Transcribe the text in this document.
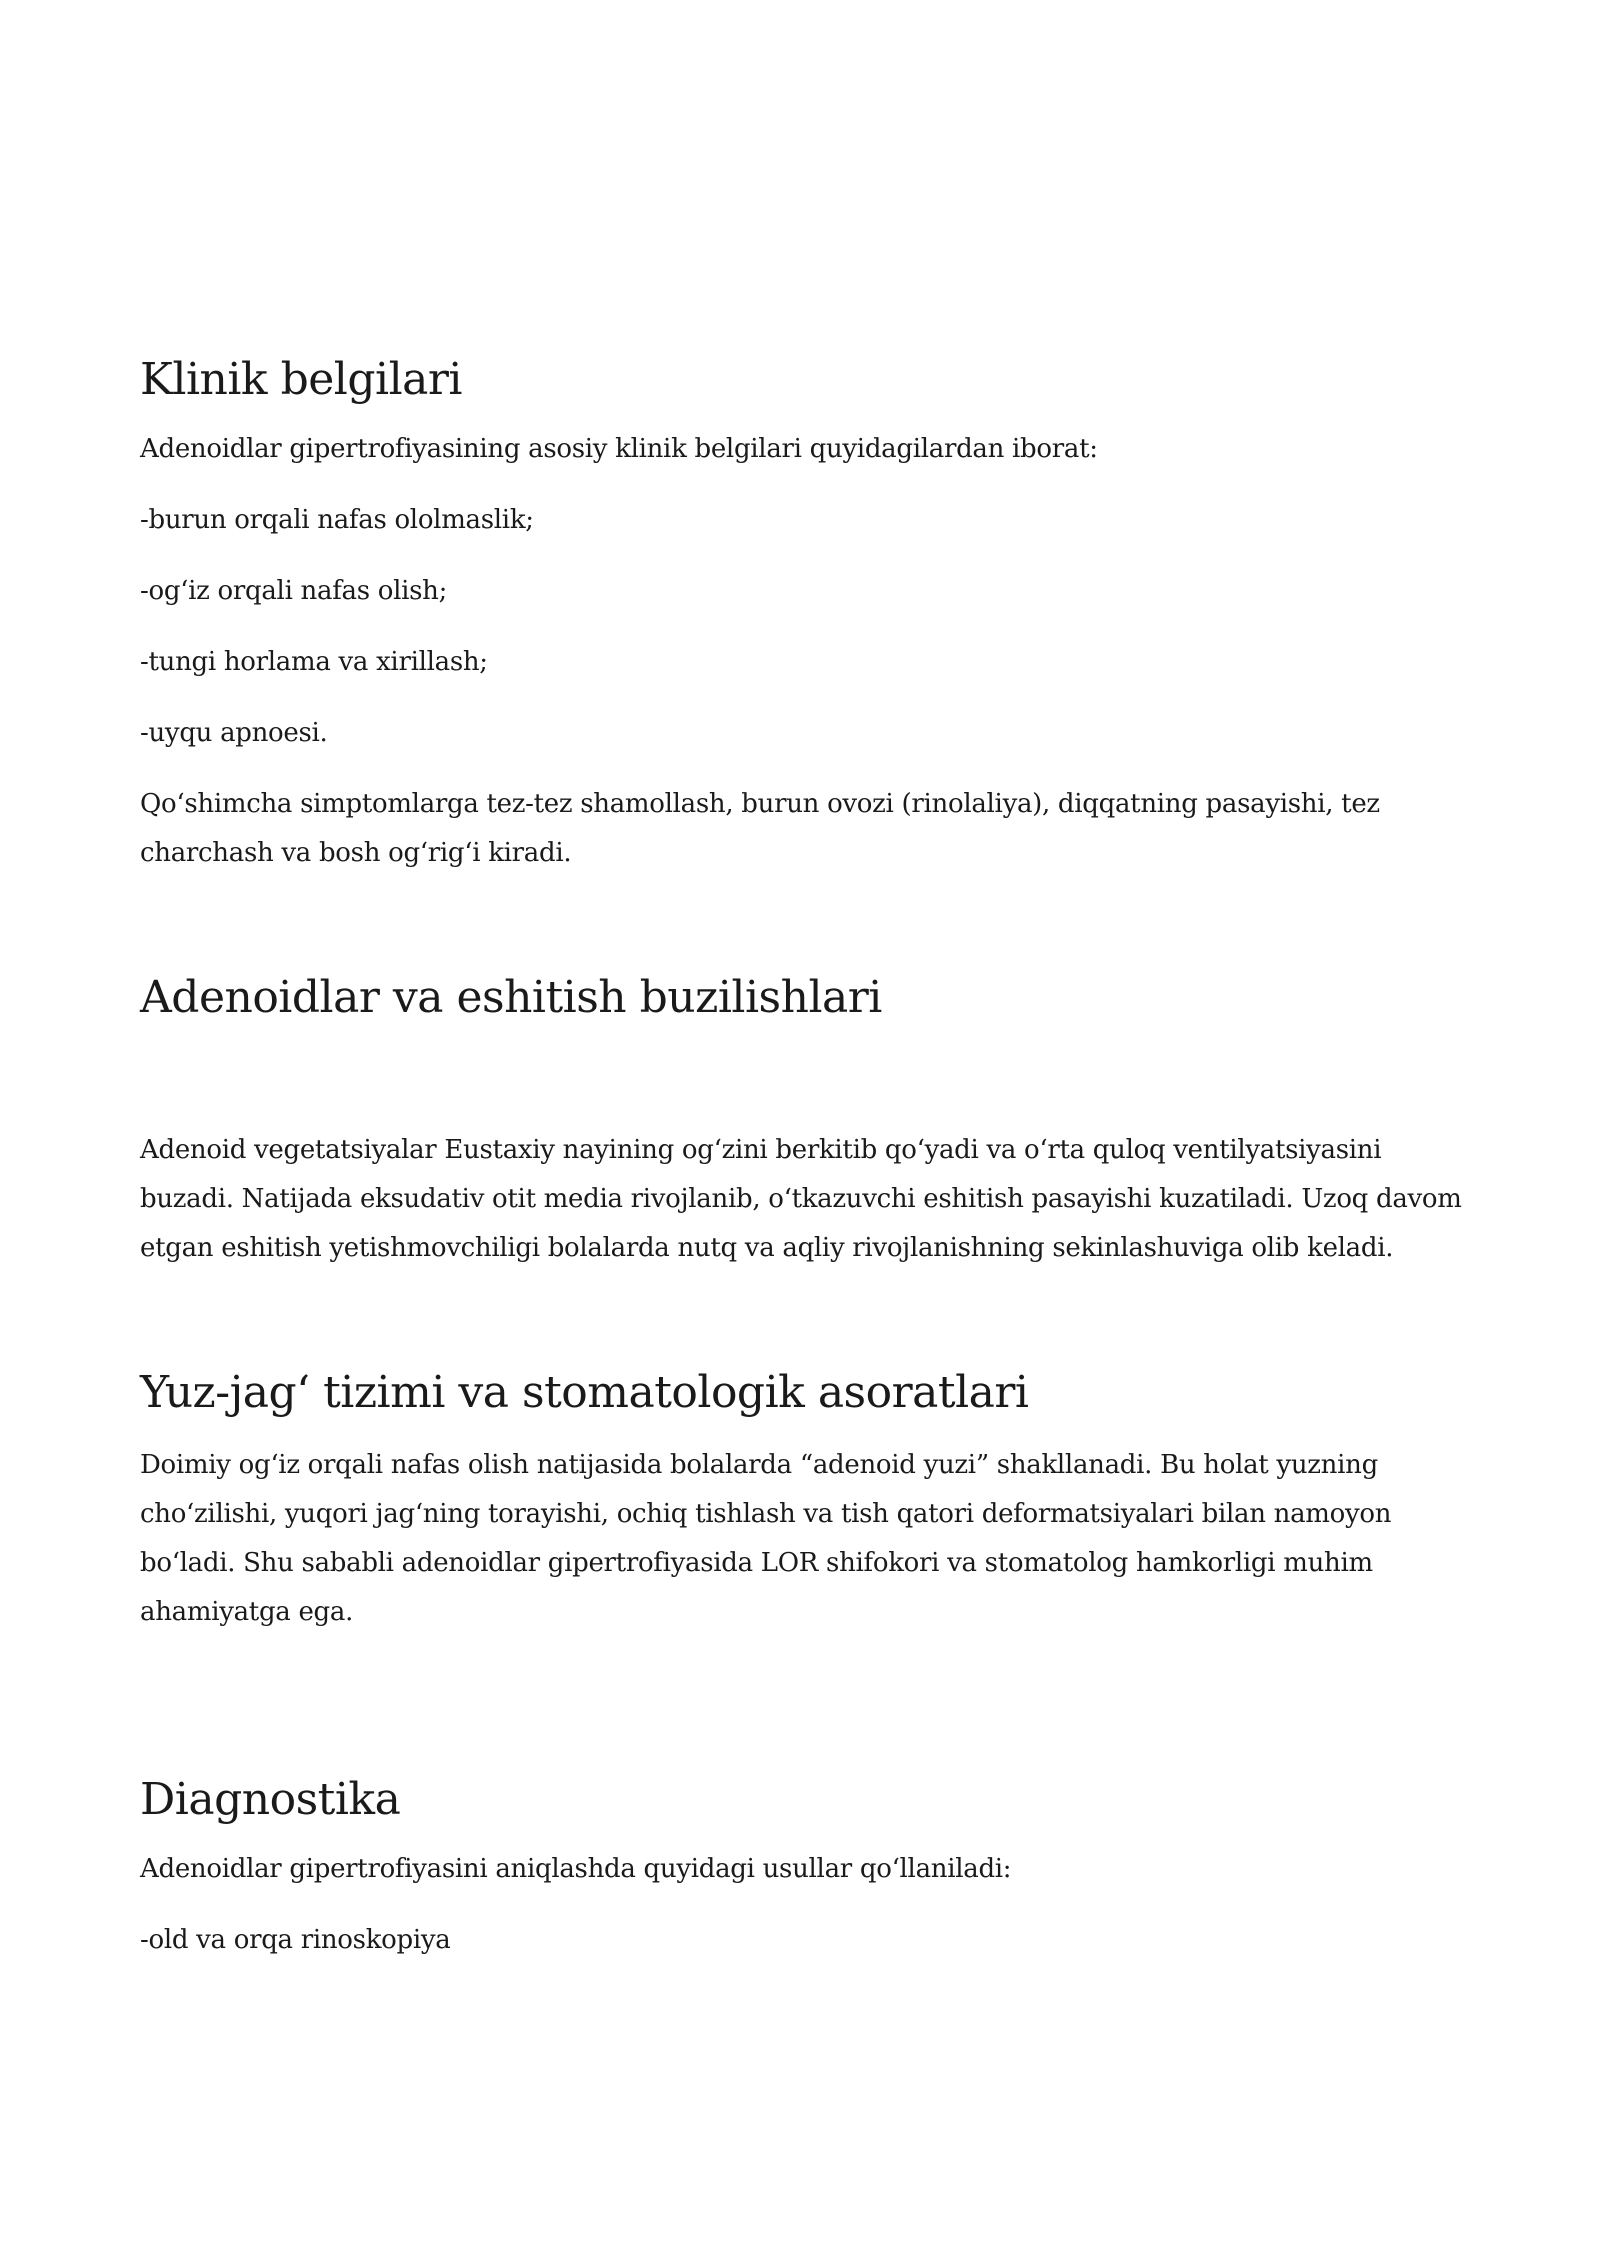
Klinik belgilari

Adenoidlar gipertrofiyasining asosiy klinik belgilari quyidagilardan iborat:

-burun orqali nafas ololmaslik;

-og‘iz orqali nafas olish;

-tungi horlama va xirillash;

-uyqu apnoesi.

Qo‘shimcha simptomlarga tez-tez shamollash, burun ovozi (rinolaliya), diqqatning pasayishi, tez charchash va bosh og‘rig‘i kiradi.

Adenoidlar va eshitish buzilishlari

Adenoid vegetatsiyalar Eustaxiy nayining og‘zini berkitib qo‘yadi va o‘rta quloq ventilyatsiyasini buzadi. Natijada eksudativ otit media rivojlanib, o‘tkazuvchi eshitish pasayishi kuzatiladi. Uzoq davom etgan eshitish yetishmovchiligi bolalarda nutq va aqliy rivojlanishning sekinlashuviga olib keladi.

Yuz-jag‘ tizimi va stomatologik asoratlari

Doimiy og‘iz orqali nafas olish natijasida bolalarda “adenoid yuzi” shakllanadi. Bu holat yuzning cho‘zilishi, yuqori jag‘ning torayishi, ochiq tishlash va tish qatori deformatsiyalari bilan namoyon bo‘ladi. Shu sababli adenoidlar gipertrofiyasida LOR shifokori va stomatolog hamkorligi muhim ahamiyatga ega.

Diagnostika

Adenoidlar gipertrofiyasini aniqlashda quyidagi usullar qo‘llaniladi:

-old va orqa rinoskopiya
